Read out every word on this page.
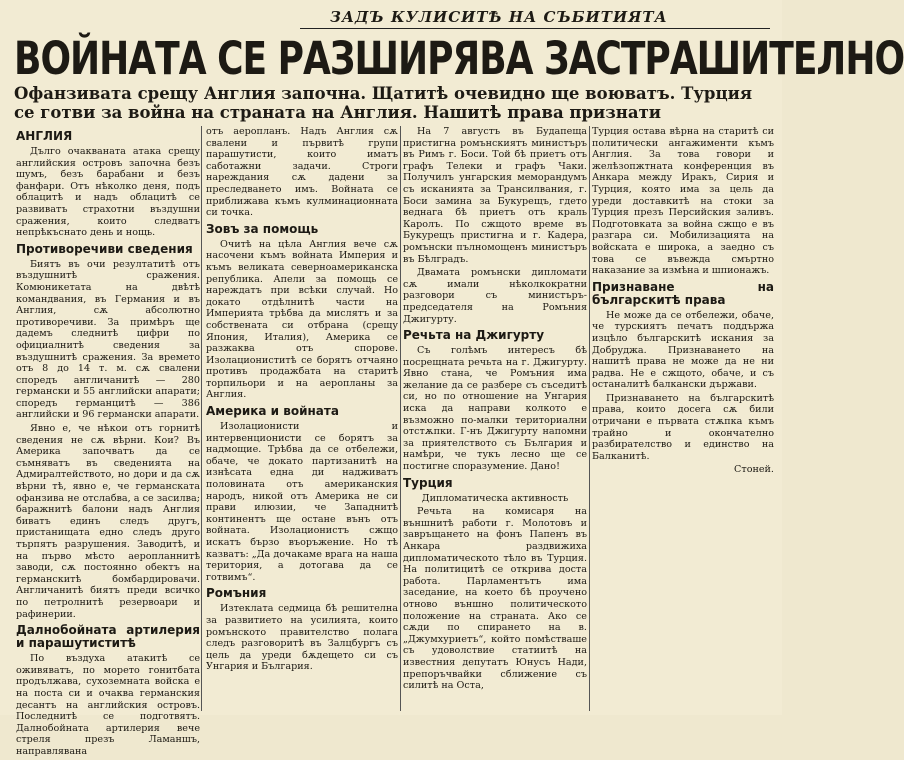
ЗАДЪ КУЛИСИТѢ НА СЪБИТИЯТА
ВОЙНАТА СЕ РАЗШИРЯВА ЗАСТРАШИТЕЛНО
Офанзивата срещу Англия започна. Щатитѣ очевидно ще воюватъ. Турция се готви за война на страната на Англия. Нашитѣ права признати
АНГЛИЯ

Дълго очакваната атака срещу английския островъ започна безъ шумъ, безъ барабани и безъ фанфари. Отъ нѣколко деня, подъ облацитѣ и надъ облацитѣ се развиватъ страхотни въздушни сражения, които следватъ непрѣкъснато день и нощь.

Противоречиви сведения

Биятъ въ очи резултатитѣ отъ въздушнитѣ сражения. Комюникетата на двѣтѣ командвания, въ Германия и въ Англия, сѫ абсолютно противоречиви. За примѣръ ще дадемъ следнитѣ цифри по официалнитѣ сведения за въздушнитѣ сражения. За времето отъ 8 до 14 т. м. сѫ свалени споредъ англичанитѣ — 280 германски и 55 английски апарати; споредъ германцитѣ — 386 английски и 96 германски апарати.

Явно е, че нѣкои отъ горнитѣ сведения не сѫ вѣрни. Кои? Въ Америка започватъ да се съмняватъ въ сведенията на Адмиралтейството, но дори и да сѫ вѣрни тѣ, явно е, че германската офанзива не отслабва, а се засилва; баражнитѣ балони надъ Англия биватъ единъ следъ другъ, пристанищата едно следъ друго търпятъ разрушения. Заводитѣ, и на първо мѣсто аеропланнитѣ заводи, сѫ постоянно обектъ на германскитѣ бомбардировачи. Англичанитѣ биятъ преди всичко по петролнитѣ резервоари и рафинерии.

Далнобойната артилерия и парашутиститѣ

По въздуха атакитѣ се оживяватъ, по морето гонитбата продължава, сухоземната войска е на поста си и очаква германския десантъ на английския островъ. Последнитѣ се подготвятъ. Далнобойната артилерия вече стреля презъ Ламаншъ, направлявана

отъ аеропланъ. Надъ Англия сѫ свалени и първитѣ групи парашутисти, които иматъ саботажни задачи. Строги нареждания сѫ дадени за преследването имъ. Войната се приближава къмъ кулминационната си точка.

Зовъ за помощь

Очитѣ на цѣла Англия вече сѫ насочени къмъ войната Империя и къмъ великата северноамериканска република. Апели за помощь се нареждатъ при всѣки случай. Но докато отдѣлнитѣ части на Империята трѣбва да мислятъ и за собствената си отбрана (срещу Япония, Италия), Америка се разжаква отъ спорове. Изолациониститѣ се борятъ отчаяно противъ продажбата на старитѣ торпильори и на аеропланы за Англия.

Америка и войната

Изолационисти и интервенционисти се борятъ за надмощие. Трѣбва да се отбележи, обаче, че докато партизанитѣ на изнѣсата една ди надживатъ половината отъ американския народъ, никой отъ Америка не си прави илюзии, че Западнитѣ континентъ ще остане вънъ отъ войната. Изолационистъ сжщо искатъ бързо въоръжение. Но тѣ казватъ: „Да дочакаме врага на наша територия, а дотогава да се готвимъ“.

Ромъния

Изтеклата седмица бѣ решителна за развитието на усилията, които ромънското правителство полага следъ разговоритѣ въ Залцбургъ съ цель да уреди бѫдещето си съ Унгария и България.

На 7 августъ въ Будапеща пристигна ромънскиятъ министъръ въ Римъ г. Боси. Той бѣ приетъ отъ графъ Телеки и графъ Чаки. Получилъ унгарския меморандумъ съ исканията за Трансилвания, г. Боси замина за Букурещъ, гдето веднага бѣ приетъ отъ краль Каролъ. По сжщото време въ Букурещъ пристигна и г. Кадера, ромънски пълномощенъ министъръ въ Бѣлградъ.

Двамата ромънски дипломати сѫ имали нѣколкократни разговори съ министъръ-председателя на Ромъния Джигурту.

Речьта на Джигурту

Съ голѣмъ интересъ бѣ посрещната речьта на г. Джигурту. Явно стана, че Ромъния има желание да се разбере съ съседитѣ си, но по отношение на Унгария иска да направи колкото е възможно по-малки териториални отстѫпки. Г-нъ Джигурту напомни за приятелството съ България и намѣри, че тукъ лесно ще се постигне споразумение. Дано!

Турция

Дипломатическа активность

Речьта на комисаря на външнитѣ работи г. Молотовъ и завръщането на фонъ Папенъ въ Анкара раздвижиха дипломатическото тѣло въ Турция. На политицитѣ се открива доста работа. Парламентътъ има заседание, на което бѣ проучено отново външно политическото положение на страната. Ако се сѫди по спирането на в. „Джумхуриетъ“, който помѣстваше съ удоволствие статиитѣ на известния депутатъ Юнусъ Нади, препоръчвайки сближение съ силитѣ на Оста,

Турция остава вѣрна на старитѣ си политически ангажименти къмъ Англия. За това говори и желѣзопжтната конференция въ Анкара между Иракъ, Сирия и Турция, която има за цель да уреди доставкитѣ на стоки за Турция презъ Персийския заливъ. Подготовката за война сжщо е въ разгара си. Мобилизацията на войската е широка, а заедно съ това се въвежда смъртно наказание за измѣна и шпионажъ.

Признаване на българскитѣ права

Не може да се отбележи, обаче, че турскиятъ печатъ поддържа изцѣло българскитѣ искания за Добруджа. Признаването на нашитѣ права не може да не ни радва. Не е сжщото, обаче, и съ останалитѣ балкански държави.

Признаването на българскитѣ права, които досега сѫ били отричани е първата стѫпка къмъ трайно и окончателно разбирателство и единство на Балканитѣ.

Стоней.
